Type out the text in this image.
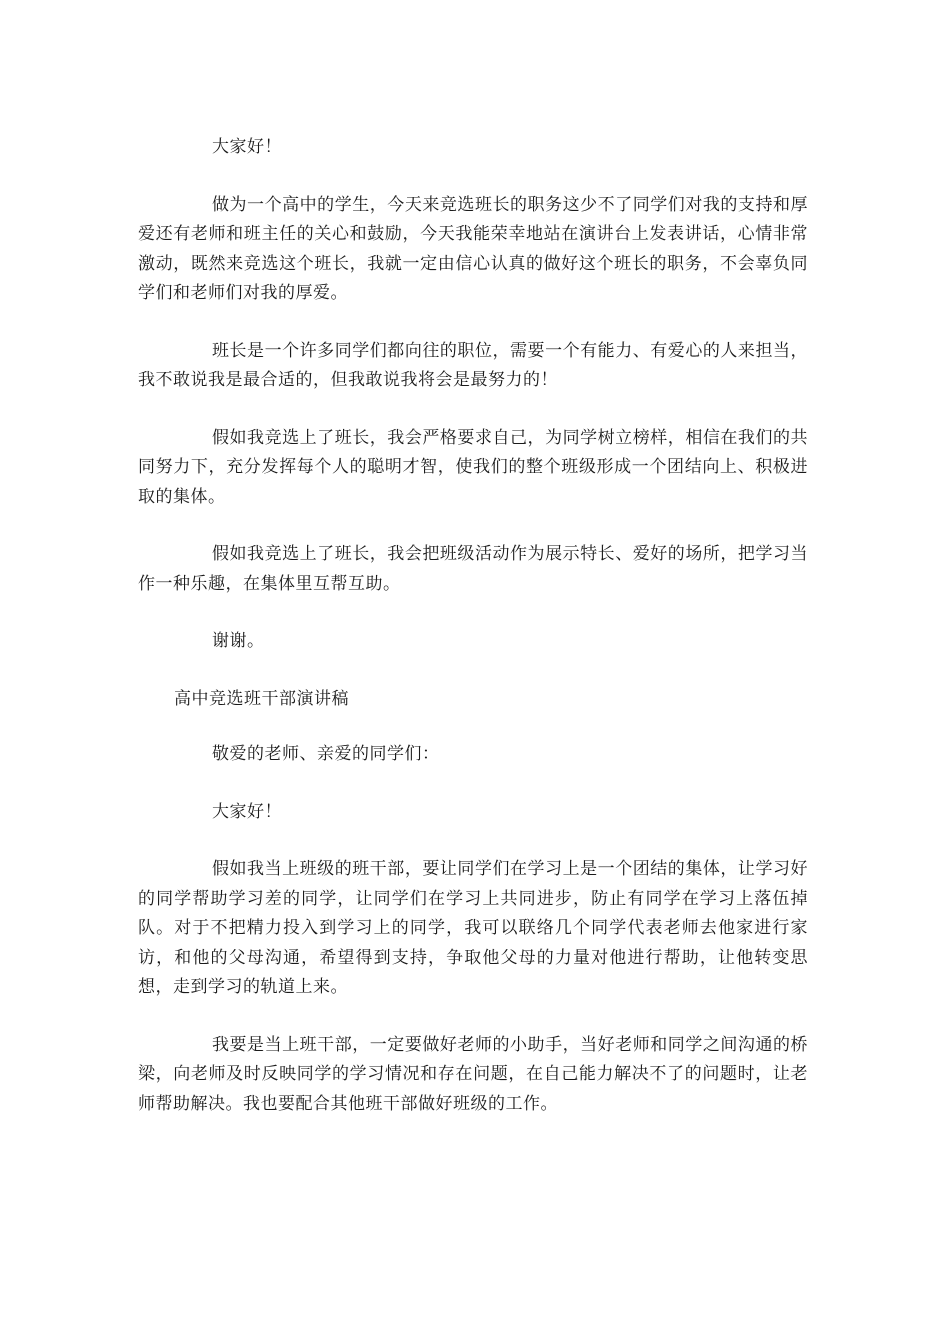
大家好！

做为一个高中的学生，今天来竞选班长的职务这少不了同学们对我的支持和厚爱还有老师和班主任的关心和鼓励，今天我能荣幸地站在演讲台上发表讲话，心情非常激动，既然来竞选这个班长，我就一定由信心认真的做好这个班长的职务，不会辜负同学们和老师们对我的厚爱。

班长是一个许多同学们都向往的职位，需要一个有能力、有爱心的人来担当，我不敢说我是最合适的，但我敢说我将会是最努力的！

假如我竞选上了班长，我会严格要求自己，为同学树立榜样，相信在我们的共同努力下，充分发挥每个人的聪明才智，使我们的整个班级形成一个团结向上、积极进取的集体。

假如我竞选上了班长，我会把班级活动作为展示特长、爱好的场所，把学习当作一种乐趣，在集体里互帮互助。

谢谢。

高中竞选班干部演讲稿

敬爱的老师、亲爱的同学们：

大家好！

假如我当上班级的班干部，要让同学们在学习上是一个团结的集体，让学习好的同学帮助学习差的同学，让同学们在学习上共同进步，防止有同学在学习上落伍掉队。对于不把精力投入到学习上的同学，我可以联络几个同学代表老师去他家进行家访，和他的父母沟通，希望得到支持，争取他父母的力量对他进行帮助，让他转变思想，走到学习的轨道上来。

我要是当上班干部，一定要做好老师的小助手，当好老师和同学之间沟通的桥梁，向老师及时反映同学的学习情况和存在问题，在自己能力解决不了的问题时，让老师帮助解决。我也要配合其他班干部做好班级的工作。
